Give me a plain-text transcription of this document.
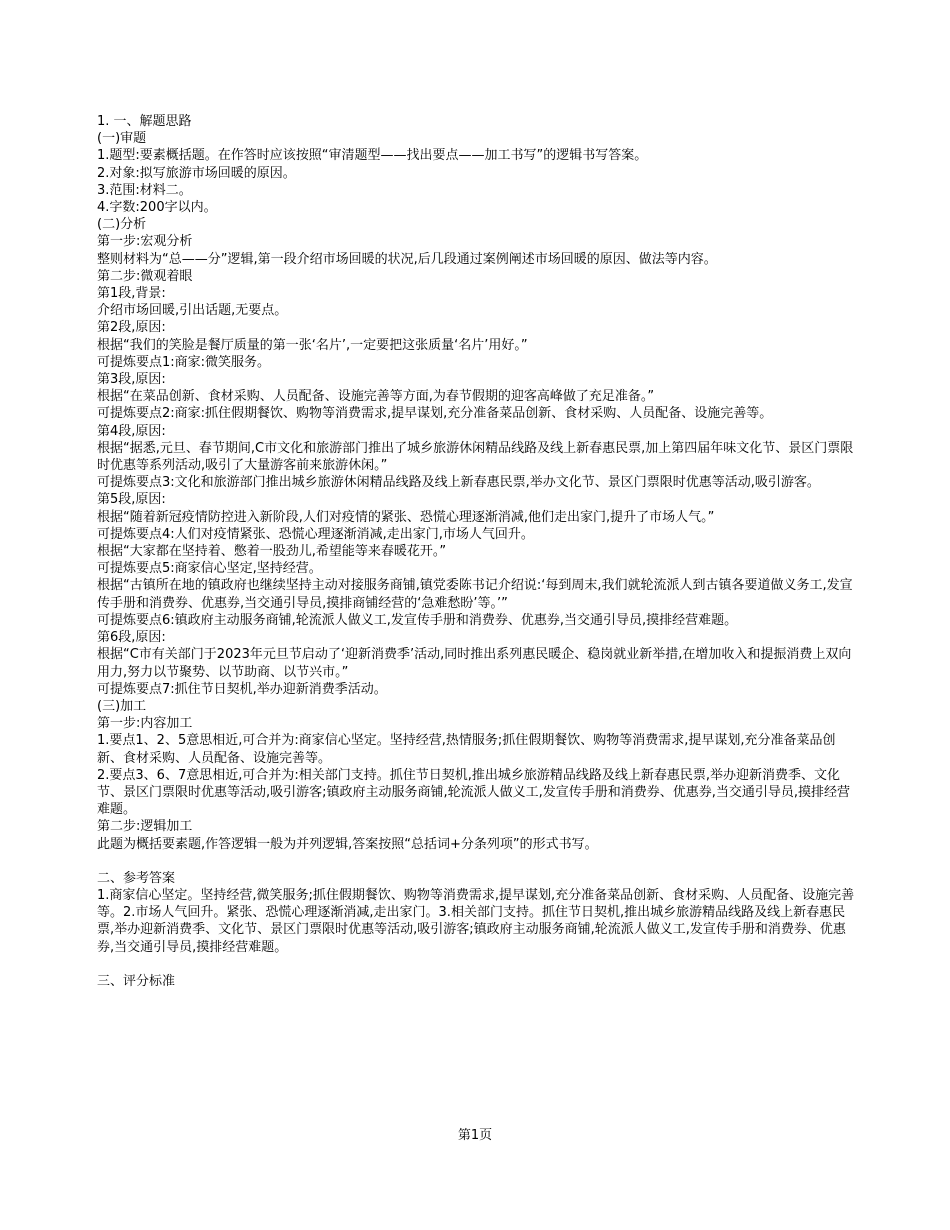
1. 一、解题思路

(一)审题

1.题型:要素概括题。在作答时应该按照“审清题型——找出要点——加工书写”的逻辑书写答案。

2.对象:拟写旅游市场回暖的原因。

3.范围:材料二。

4.字数:200字以内。

(二)分析

第一步:宏观分析

整则材料为“总——分”逻辑,第一段介绍市场回暖的状况,后几段通过案例阐述市场回暖的原因、做法等内容。

第二步:微观着眼

第1段,背景:

介绍市场回暖,引出话题,无要点。

第2段,原因:

根据“我们的笑脸是餐厅质量的第一张‘名片’,一定要把这张质量‘名片’用好。”

可提炼要点1:商家:微笑服务。

第3段,原因:

根据“在菜品创新、食材采购、人员配备、设施完善等方面,为春节假期的迎客高峰做了充足准备。”

可提炼要点2:商家:抓住假期餐饮、购物等消费需求,提早谋划,充分准备菜品创新、食材采购、人员配备、设施完善等。

第4段,原因:

根据“据悉,元旦、春节期间,C市文化和旅游部门推出了城乡旅游休闲精品线路及线上新春惠民票,加上第四届年味文化节、景区门票限时优惠等系列活动,吸引了大量游客前来旅游休闲。”

可提炼要点3:文化和旅游部门推出城乡旅游休闲精品线路及线上新春惠民票,举办文化节、景区门票限时优惠等活动,吸引游客。

第5段,原因:

根据“随着新冠疫情防控进入新阶段,人们对疫情的紧张、恐慌心理逐渐消减,他们走出家门,提升了市场人气。”

可提炼要点4:人们对疫情紧张、恐慌心理逐渐消减,走出家门,市场人气回升。

根据“大家都在坚持着、憋着一股劲儿,希望能等来春暖花开。”

可提炼要点5:商家信心坚定,坚持经营。

根据“古镇所在地的镇政府也继续坚持主动对接服务商铺,镇党委陈书记介绍说:‘每到周末,我们就轮流派人到古镇各要道做义务工,发宣传手册和消费券、优惠券,当交通引导员,摸排商铺经营的‘急难愁盼’等。’”

可提炼要点6:镇政府主动服务商铺,轮流派人做义工,发宣传手册和消费券、优惠券,当交通引导员,摸排经营难题。

第6段,原因:

根据“C市有关部门于2023年元旦节启动了‘迎新消费季’活动,同时推出系列惠民暖企、稳岗就业新举措,在增加收入和提振消费上双向用力,努力以节聚势、以节助商、以节兴市。”

可提炼要点7:抓住节日契机,举办迎新消费季活动。

(三)加工

第一步:内容加工

1.要点1、2、5意思相近,可合并为:商家信心坚定。坚持经营,热情服务;抓住假期餐饮、购物等消费需求,提早谋划,充分准备菜品创新、食材采购、人员配备、设施完善等。

2.要点3、6、7意思相近,可合并为:相关部门支持。抓住节日契机,推出城乡旅游精品线路及线上新春惠民票,举办迎新消费季、文化节、景区门票限时优惠等活动,吸引游客;镇政府主动服务商铺,轮流派人做义工,发宣传手册和消费券、优惠券,当交通引导员,摸排经营难题。

第二步:逻辑加工

此题为概括要素题,作答逻辑一般为并列逻辑,答案按照“总括词+分条列项”的形式书写。

二、参考答案

1.商家信心坚定。坚持经营,微笑服务;抓住假期餐饮、购物等消费需求,提早谋划,充分准备菜品创新、食材采购、人员配备、设施完善等。2.市场人气回升。紧张、恐慌心理逐渐消减,走出家门。3.相关部门支持。抓住节日契机,推出城乡旅游精品线路及线上新春惠民票,举办迎新消费季、文化节、景区门票限时优惠等活动,吸引游客;镇政府主动服务商铺,轮流派人做义工,发宣传手册和消费券、优惠券,当交通引导员,摸排经营难题。

三、评分标准

第1页
